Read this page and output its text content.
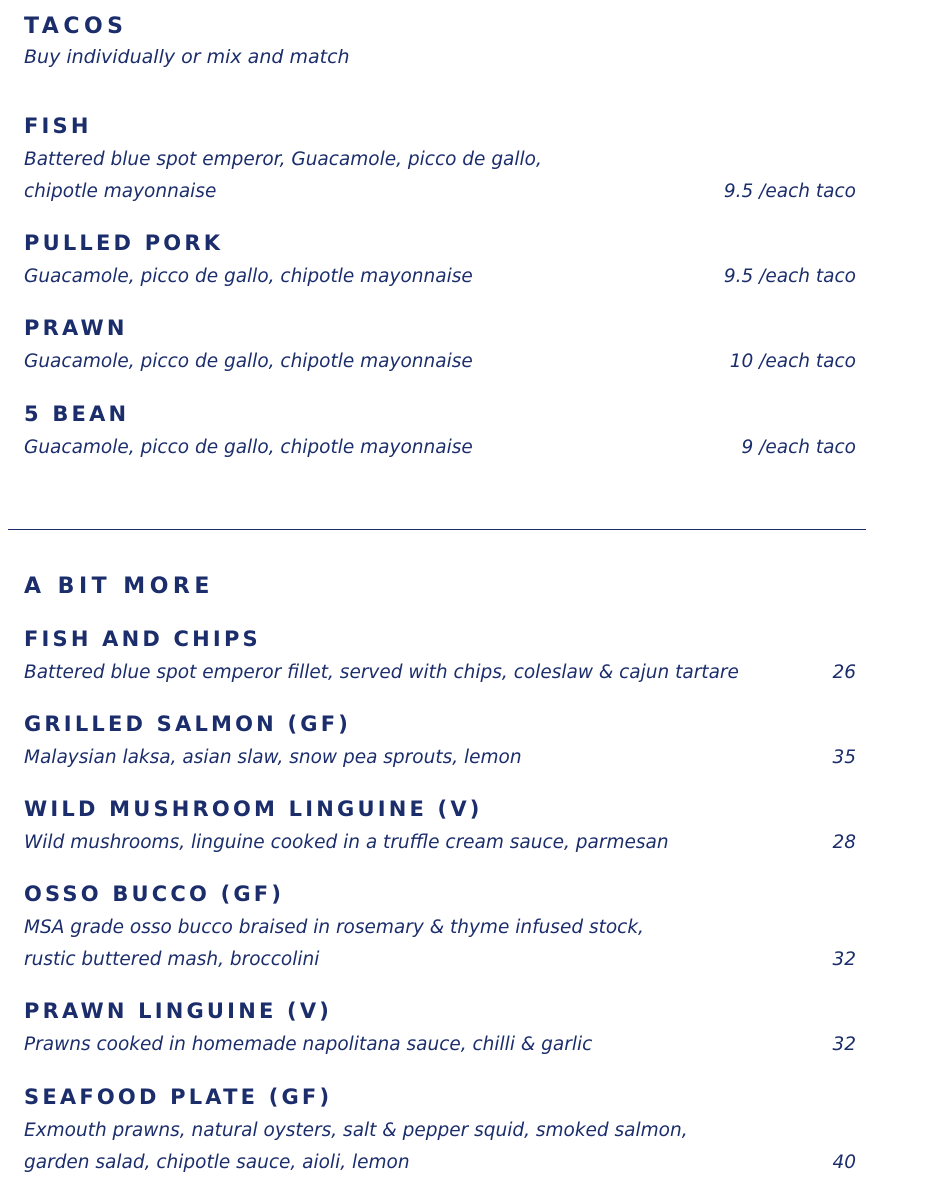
TACOS

Buy individually or mix and match

FISH
Battered blue spot emperor, Guacamole, picco de gallo,
chipotle mayonnaise	9.5 /each taco
PULLED PORK
Guacamole, picco de gallo, chipotle mayonnaise	9.5 /each taco
PRAWN
Guacamole, picco de gallo, chipotle mayonnaise	10 /each taco
5 BEAN
Guacamole, picco de gallo, chipotle mayonnaise	9 /each taco
A BIT MORE
FISH AND CHIPS
Battered blue spot emperor fillet, served with chips, coleslaw & cajun tartare	26
GRILLED SALMON (GF)
Malaysian laksa, asian slaw, snow pea sprouts, lemon	35
WILD MUSHROOM LINGUINE (V)
Wild mushrooms, linguine cooked in a truffle cream sauce, parmesan	28
OSSO BUCCO (GF)
MSA grade osso bucco braised in rosemary & thyme infused stock,
rustic buttered mash, broccolini	32
PRAWN LINGUINE (V)
Prawns cooked in homemade napolitana sauce, chilli & garlic	32
SEAFOOD PLATE (GF)
Exmouth prawns, natural oysters, salt & pepper squid, smoked salmon,
garden salad, chipotle sauce, aioli, lemon	40
